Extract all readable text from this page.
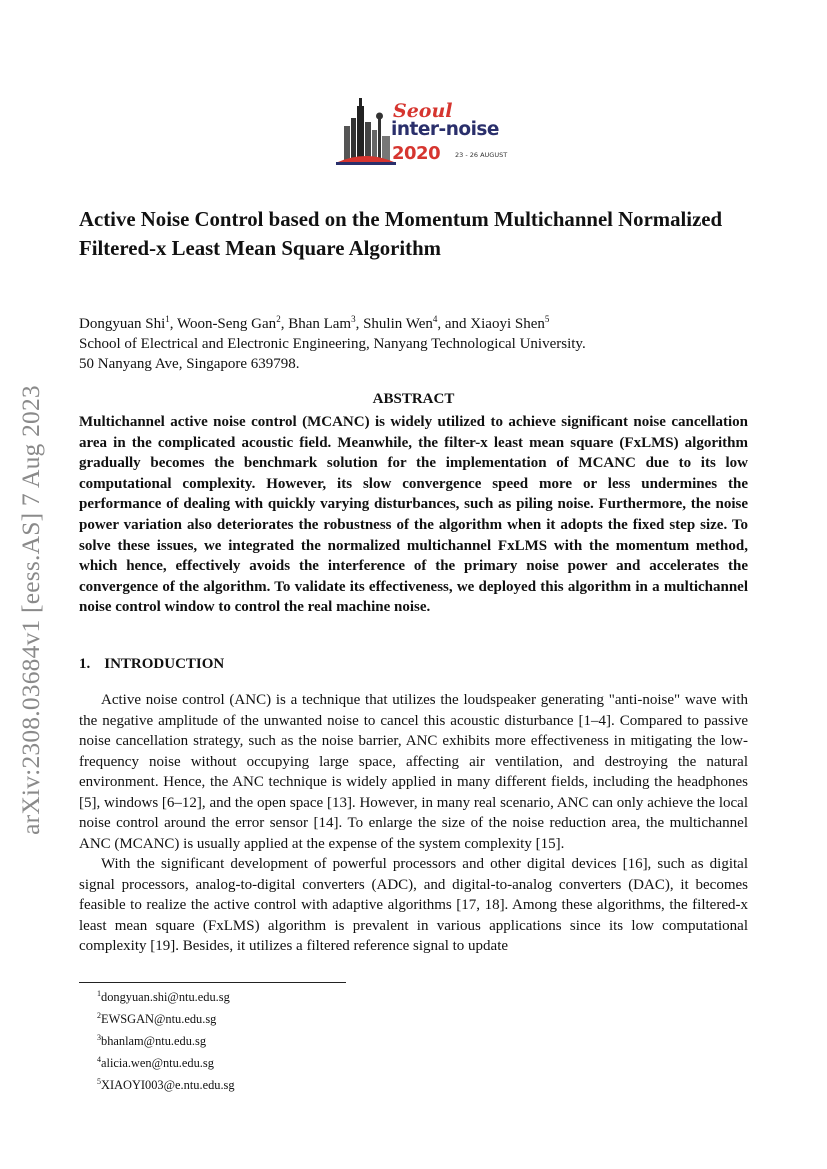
arXiv:2308.03684v1 [eess.AS] 7 Aug 2023
Seoul
inter-noise
2020 23 - 26 AUGUST
Active Noise Control based on the Momentum Multichannel Normalized Filtered-x Least Mean Square Algorithm
Dongyuan Shi$^1$, Woon-Seng Gan$^2$, Bhan Lam$^3$, Shulin Wen$^4$, and Xiaoyi Shen$^5$
School of Electrical and Electronic Engineering, Nanyang Technological University.
50 Nanyang Ave, Singapore 639798.
ABSTRACT
Multichannel active noise control (MCANC) is widely utilized to achieve significant noise cancellation area in the complicated acoustic field. Meanwhile, the filter-x least mean square (FxLMS) algorithm gradually becomes the benchmark solution for the implementation of MCANC due to its low computational complexity. However, its slow convergence speed more or less undermines the performance of dealing with quickly varying disturbances, such as piling noise. Furthermore, the noise power variation also deteriorates the robustness of the algorithm when it adopts the fixed step size. To solve these issues, we integrated the normalized multichannel FxLMS with the momentum method, which hence, effectively avoids the interference of the primary noise power and accelerates the convergence of the algorithm. To validate its effectiveness, we deployed this algorithm in a multichannel noise control window to control the real machine noise.
1. INTRODUCTION

Active noise control (ANC) is a technique that utilizes the loudspeaker generating "anti-noise" wave with the negative amplitude of the unwanted noise to cancel this acoustic disturbance [1–4]. Compared to passive noise cancellation strategy, such as the noise barrier, ANC exhibits more effectiveness in mitigating the low-frequency noise without occupying large space, affecting air ventilation, and destroying the natural environment. Hence, the ANC technique is widely applied in many different fields, including the headphones [5], windows [6–12], and the open space [13]. However, in many real scenario, ANC can only achieve the local noise control around the error sensor [14]. To enlarge the size of the noise reduction area, the multichannel ANC (MCANC) is usually applied at the expense of the system complexity [15].

With the significant development of powerful processors and other digital devices [16], such as digital signal processors, analog-to-digital converters (ADC), and digital-to-analog converters (DAC), it becomes feasible to realize the active control with adaptive algorithms [17, 18]. Among these algorithms, the filtered-x least mean square (FxLMS) algorithm is prevalent in various applications since its low computational complexity [19]. Besides, it utilizes a filtered reference signal to update

$^1$dongyuan.shi@ntu.edu.sg
$^2$EWSGAN@ntu.edu.sg
$^3$bhanlam@ntu.edu.sg
$^4$alicia.wen@ntu.edu.sg
$^5$XIAOYI003@e.ntu.edu.sg
